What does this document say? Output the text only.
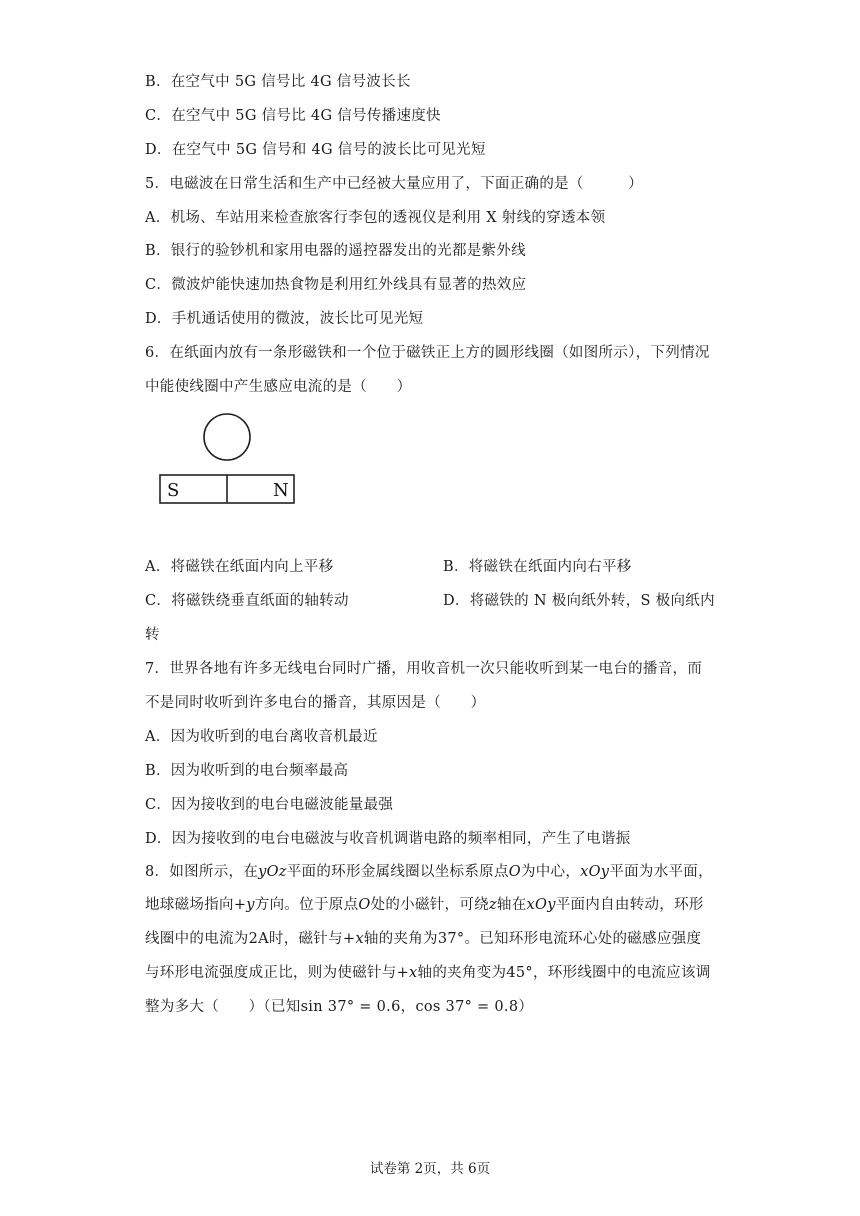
B．在空气中 5G 信号比 4G 信号波长长
C．在空气中 5G 信号比 4G 信号传播速度快
D．在空气中 5G 信号和 4G 信号的波长比可见光短
5．电磁波在日常生活和生产中已经被大量应用了，下面正确的是（　　　）
A．机场、车站用来检查旅客行李包的透视仪是利用 X 射线的穿透本领
B．银行的验钞机和家用电器的遥控器发出的光都是紫外线
C．微波炉能快速加热食物是利用红外线具有显著的热效应
D．手机通话使用的微波，波长比可见光短
6．在纸面内放有一条形磁铁和一个位于磁铁正上方的圆形线圈（如图所示），下列情况
中能使线圈中产生感应电流的是（　　）
S	N
A．将磁铁在纸面内向上平移	B．将磁铁在纸面内向右平移
C．将磁铁绕垂直纸面的轴转动	D．将磁铁的 N 极向纸外转，S 极向纸内
转
7．世界各地有许多无线电台同时广播，用收音机一次只能收听到某一电台的播音，而
不是同时收听到许多电台的播音，其原因是（　　）
A．因为收听到的电台离收音机最近
B．因为收听到的电台频率最高
C．因为接收到的电台电磁波能量最强
D．因为接收到的电台电磁波与收音机调谐电路的频率相同，产生了电谐振
8．如图所示，在yOz平面的环形金属线圈以坐标系原点O为中心，xOy平面为水平面，
地球磁场指向+y方向。位于原点O处的小磁针，可绕z轴在xOy平面内自由转动，环形
线圈中的电流为2A时，磁针与+x轴的夹角为37°。已知环形电流环心处的磁感应强度
与环形电流强度成正比，则为使磁针与+x轴的夹角变为45°，环形线圈中的电流应该调
整为多大（　　）（已知sin 37° = 0.6，cos 37° = 0.8）
试卷第 2页，共 6页
